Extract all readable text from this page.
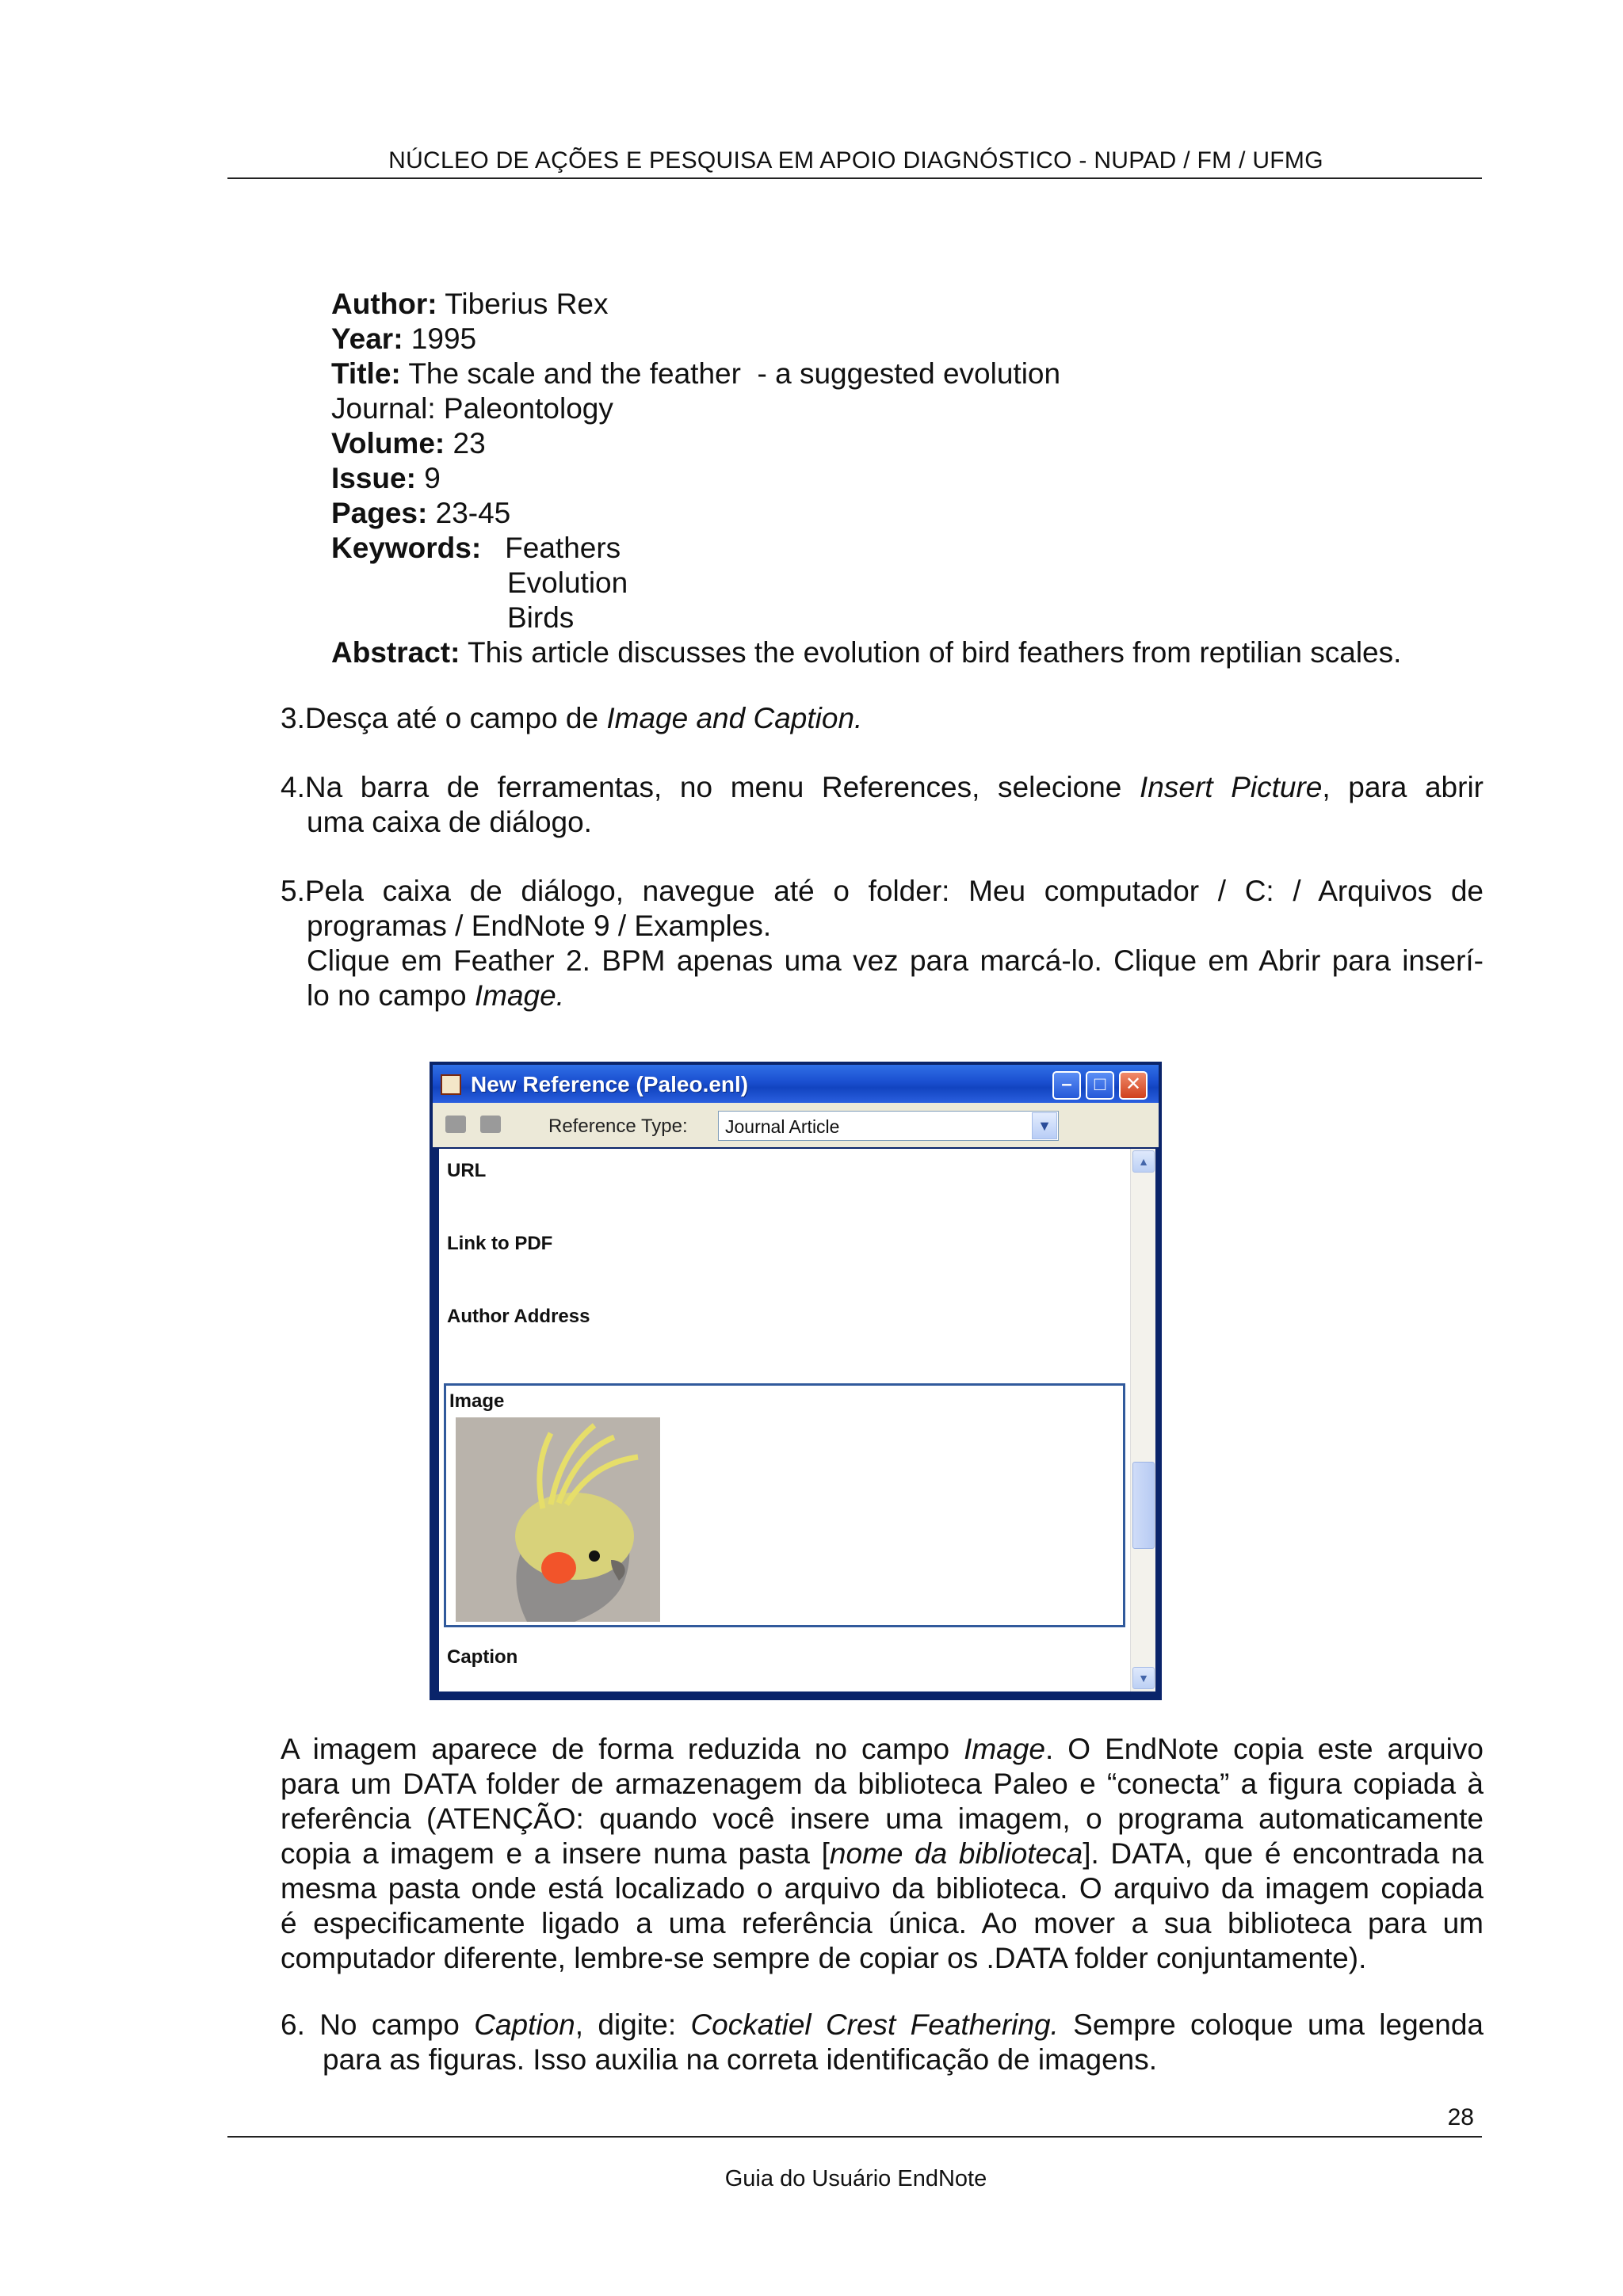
NÚCLEO DE AÇÕES E PESQUISA EM APOIO DIAGNÓSTICO - NUPAD / FM / UFMG
Author: Tiberius Rex
Year: 1995
Title: The scale and the feather  - a suggested evolution
Journal: Paleontology
Volume: 23
Issue: 9
Pages: 23-45
Keywords: Feathers
Evolution
Birds
Abstract: This article discusses the evolution of bird feathers from reptilian scales.
3.Desça até o campo de Image and Caption.
4.Na barra de ferramentas, no menu References, selecione Insert Picture, para abrir
uma caixa de diálogo.
5.Pela caixa de diálogo, navegue até o folder: Meu computador / C: / Arquivos de
programas / EndNote 9 / Examples.
Clique em Feather 2. BPM apenas uma vez para marcá-lo. Clique em Abrir para inserí-
lo no campo Image.
New Reference (Paleo.enl)	–	□	✕
Reference Type: Journal Article	▼
URL
Link to PDF
Author Address
Image
Caption
▲
▼
A imagem aparece de forma reduzida no campo Image. O EndNote copia este arquivo
para um DATA folder de armazenagem da biblioteca Paleo e “conecta” a figura copiada à
referência (ATENÇÃO: quando você insere uma imagem, o programa automaticamente
copia a imagem e a insere numa pasta [nome da biblioteca]. DATA, que é encontrada na
mesma pasta onde está localizado o arquivo da biblioteca. O arquivo da imagem copiada
é especificamente ligado a uma referência única. Ao mover a sua biblioteca para um
computador diferente, lembre-se sempre de copiar os .DATA folder conjuntamente).
6. No campo Caption, digite: Cockatiel Crest Feathering. Sempre coloque uma legenda
para as figuras. Isso auxilia na correta identificação de imagens.
28
Guia do Usuário EndNote
